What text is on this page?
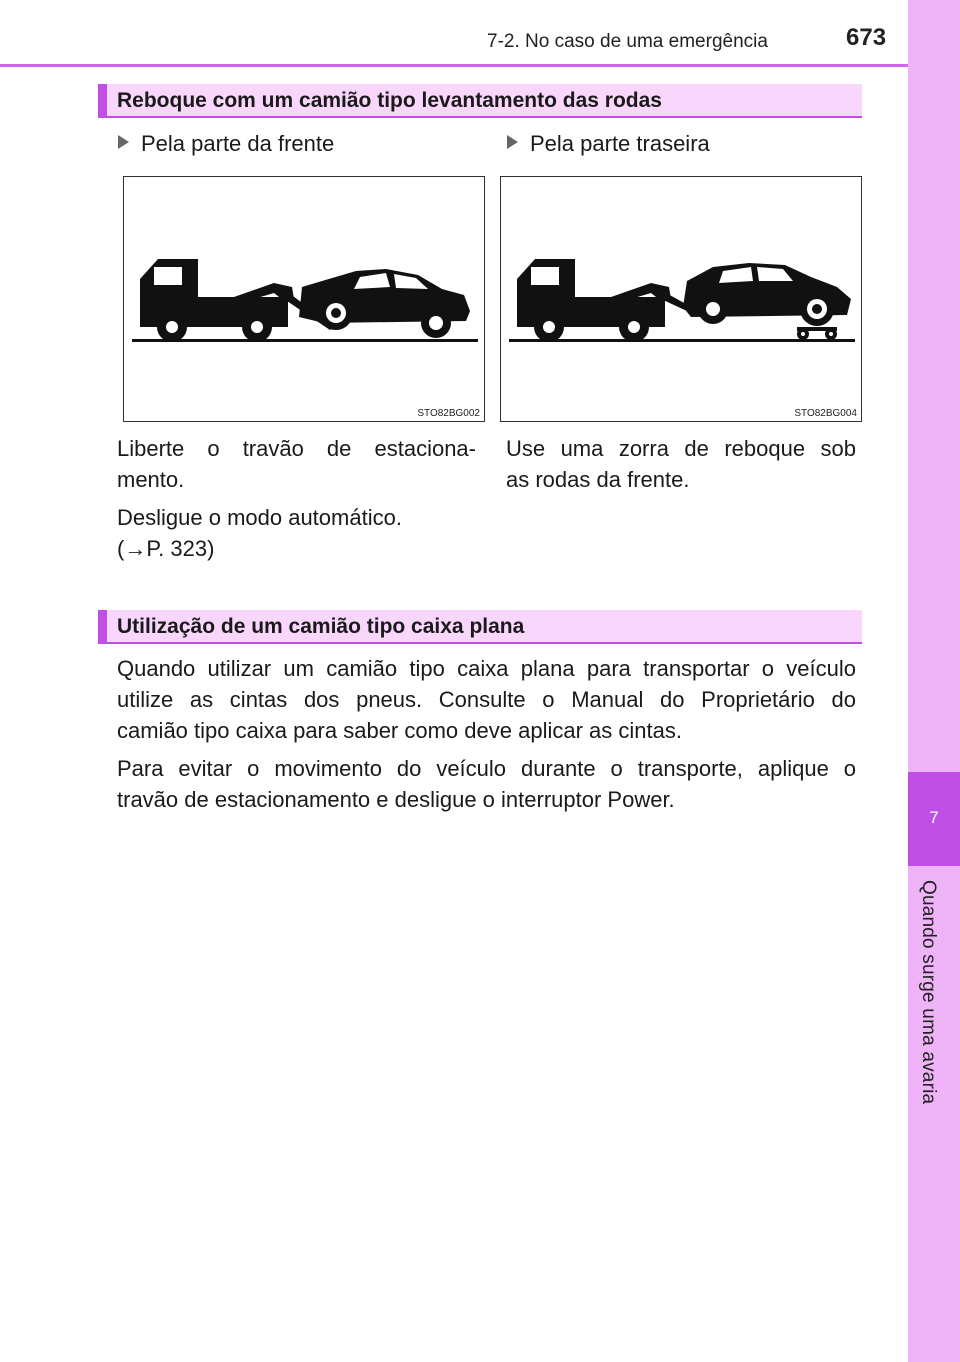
7-2. No caso de uma emergência	673
7
Quando surge uma avaria
Reboque com um camião tipo levantamento das rodas
Pela parte da frente	Pela parte traseira
STO82BG002	STO82BG004
Liberte o travão de estaciona-
mento.
Desligue o modo automático.
(→P. 323)
Use uma zorra de reboque sob
as rodas da frente.
Utilização de um camião tipo caixa plana
Quando utilizar um camião tipo caixa plana para transportar o veículo
utilize as cintas dos pneus. Consulte o Manual do Proprietário do
camião tipo caixa para saber como deve aplicar as cintas.
Para evitar o movimento do veículo durante o transporte, aplique o
travão de estacionamento e desligue o interruptor Power.
